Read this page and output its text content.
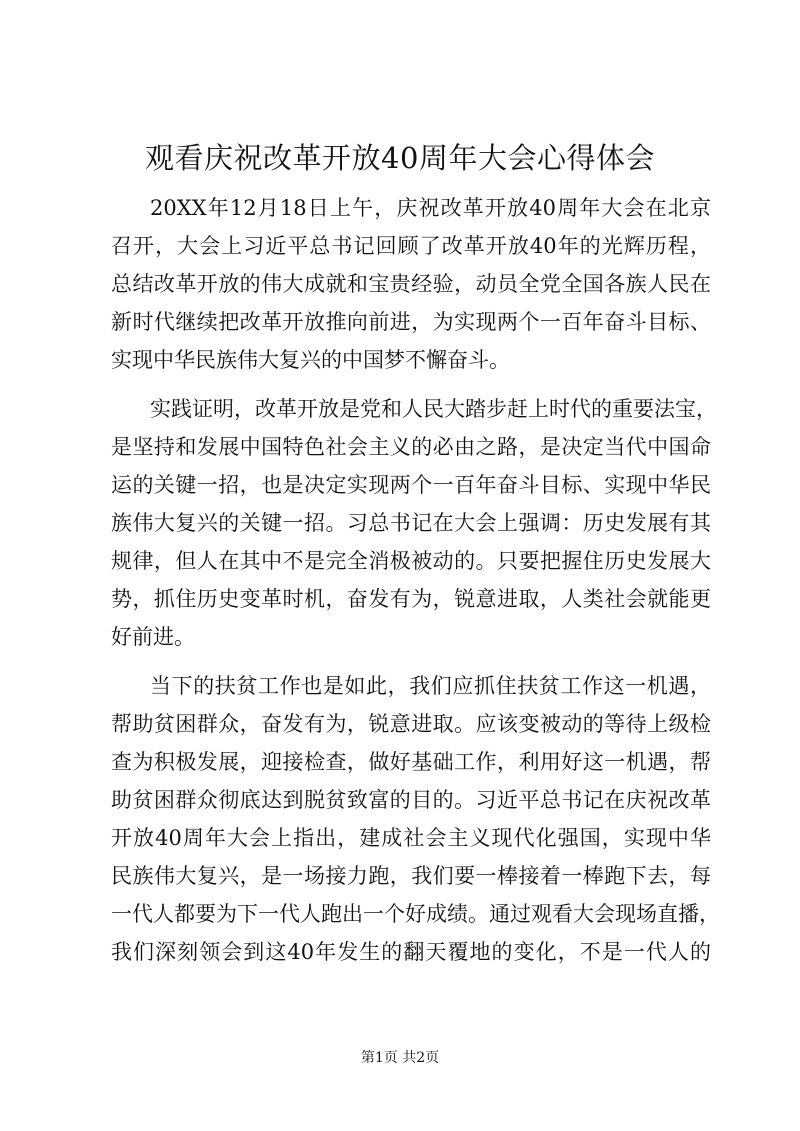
观看庆祝改革开放40周年大会心得体会
20XX年12月18日上午，庆祝改革开放40周年大会在北京
召开，大会上习近平总书记回顾了改革开放40年的光辉历程，
总结改革开放的伟大成就和宝贵经验，动员全党全国各族人民在
新时代继续把改革开放推向前进，为实现两个一百年奋斗目标、
实现中华民族伟大复兴的中国梦不懈奋斗。
实践证明，改革开放是党和人民大踏步赶上时代的重要法宝，
是坚持和发展中国特色社会主义的必由之路，是决定当代中国命
运的关键一招，也是决定实现两个一百年奋斗目标、实现中华民
族伟大复兴的关键一招。习总书记在大会上强调：历史发展有其
规律，但人在其中不是完全消极被动的。只要把握住历史发展大
势，抓住历史变革时机，奋发有为，锐意进取，人类社会就能更
好前进。
当下的扶贫工作也是如此，我们应抓住扶贫工作这一机遇，
帮助贫困群众，奋发有为，锐意进取。应该变被动的等待上级检
查为积极发展，迎接检查，做好基础工作，利用好这一机遇，帮
助贫困群众彻底达到脱贫致富的目的。习近平总书记在庆祝改革
开放40周年大会上指出，建成社会主义现代化强国，实现中华
民族伟大复兴，是一场接力跑，我们要一棒接着一棒跑下去，每
一代人都要为下一代人跑出一个好成绩。通过观看大会现场直播，
我们深刻领会到这40年发生的翻天覆地的变化，不是一代人的
第1页 共2页
